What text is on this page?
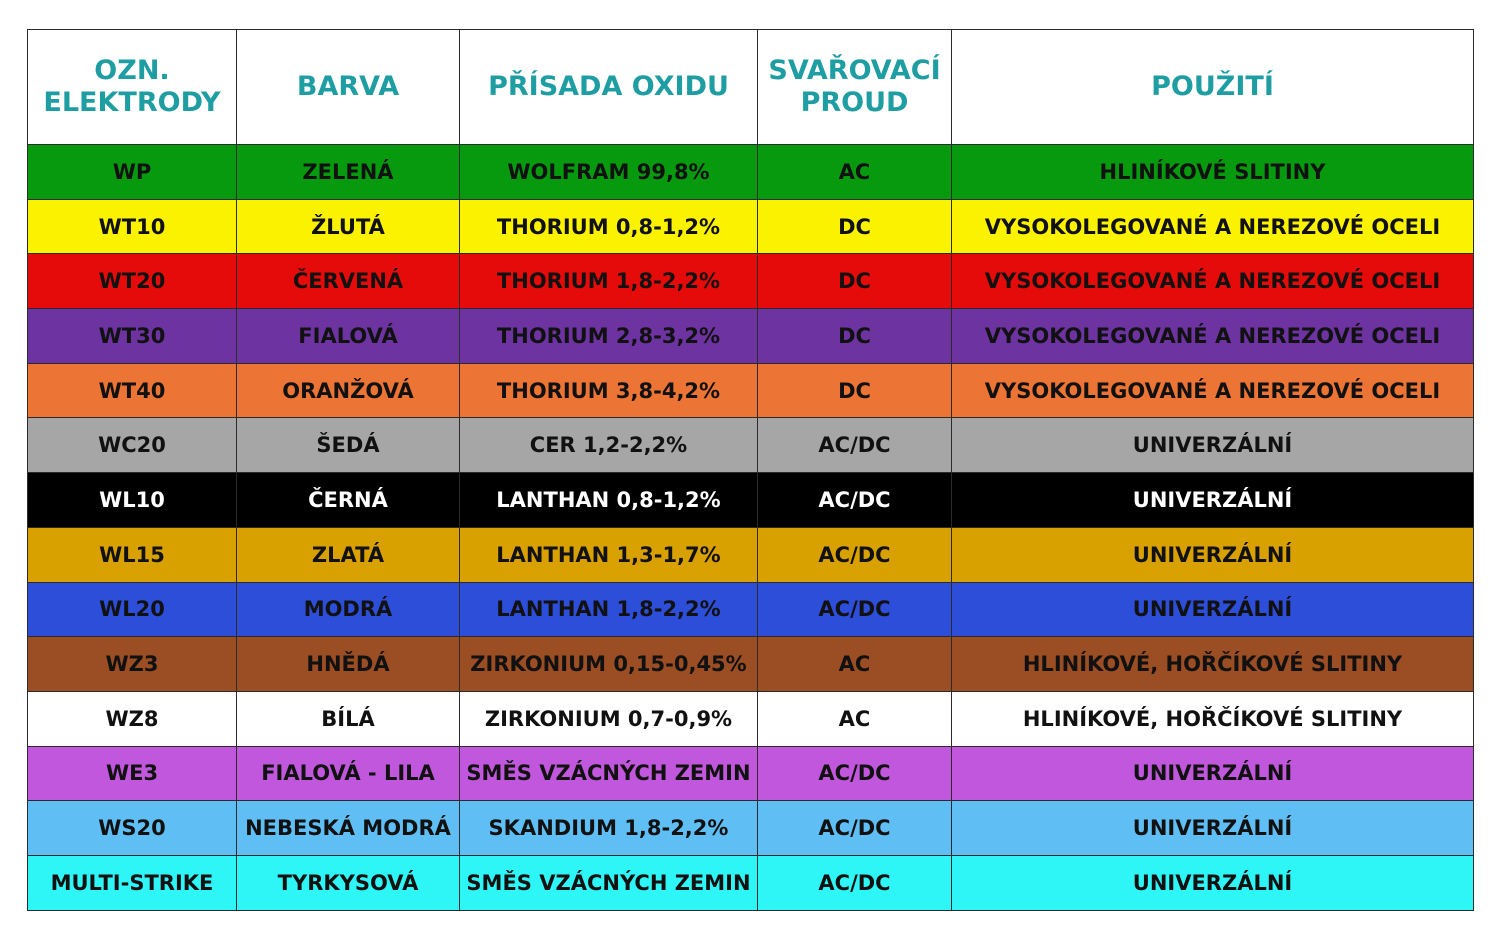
OZN. ELEKTRODY	BARVA	PŘÍSADA OXIDU	SVAŘOVACÍ PROUD	POUŽITÍ
WP	ZELENÁ	WOLFRAM 99,8%	AC	HLINÍKOVÉ SLITINY
WT10	ŽLUTÁ	THORIUM 0,8-1,2%	DC	VYSOKOLEGOVANÉ A NEREZOVÉ OCELI
WT20	ČERVENÁ	THORIUM 1,8-2,2%	DC	VYSOKOLEGOVANÉ A NEREZOVÉ OCELI
WT30	FIALOVÁ	THORIUM 2,8-3,2%	DC	VYSOKOLEGOVANÉ A NEREZOVÉ OCELI
WT40	ORANŽOVÁ	THORIUM 3,8-4,2%	DC	VYSOKOLEGOVANÉ A NEREZOVÉ OCELI
WC20	ŠEDÁ	CER 1,2-2,2%	AC/DC	UNIVERZÁLNÍ
WL10	ČERNÁ	LANTHAN 0,8-1,2%	AC/DC	UNIVERZÁLNÍ
WL15	ZLATÁ	LANTHAN 1,3-1,7%	AC/DC	UNIVERZÁLNÍ
WL20	MODRÁ	LANTHAN 1,8-2,2%	AC/DC	UNIVERZÁLNÍ
WZ3	HNĚDÁ	ZIRKONIUM 0,15-0,45%	AC	HLINÍKOVÉ, HOŘČÍKOVÉ SLITINY
WZ8	BÍLÁ	ZIRKONIUM 0,7-0,9%	AC	HLINÍKOVÉ, HOŘČÍKOVÉ SLITINY
WE3	FIALOVÁ - LILA	SMĚS VZÁCNÝCH ZEMIN	AC/DC	UNIVERZÁLNÍ
WS20	NEBESKÁ MODRÁ	SKANDIUM 1,8-2,2%	AC/DC	UNIVERZÁLNÍ
MULTI-STRIKE	TYRKYSOVÁ	SMĚS VZÁCNÝCH ZEMIN	AC/DC	UNIVERZÁLNÍ
